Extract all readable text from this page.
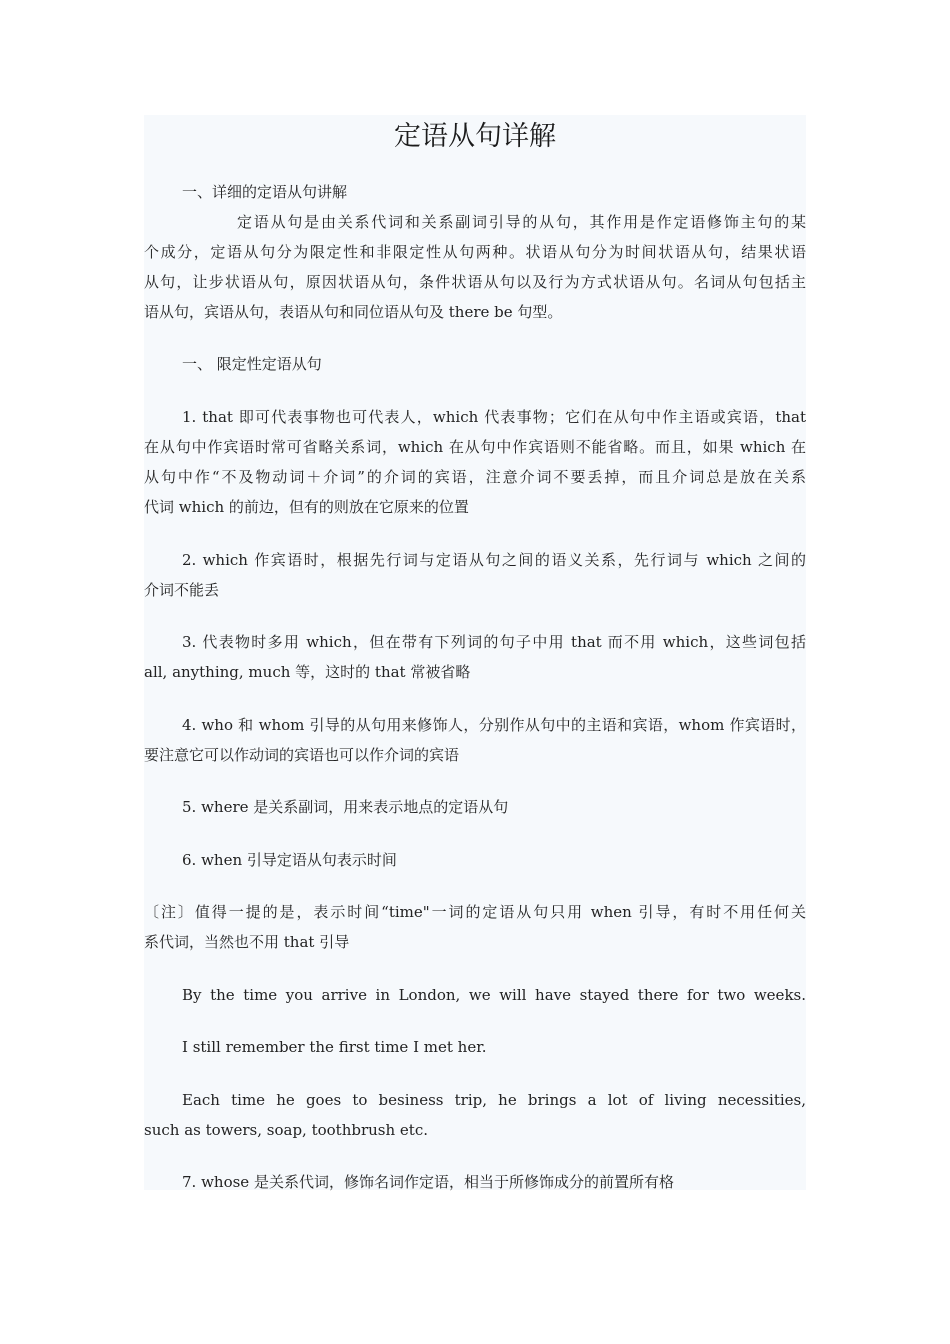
定语从句详解
一、详细的定语从句讲解
定语从句是由关系代词和关系副词引导的从句，其作用是作定语修饰主句的某
个成分，定语从句分为限定性和非限定性从句两种。状语从句分为时间状语从句，结果状语
从句，让步状语从句，原因状语从句，条件状语从句以及行为方式状语从句。名词从句包括主
语从句，宾语从句，表语从句和同位语从句及 there be 句型。
一、 限定性定语从句
1. that 即可代表事物也可代表人，which 代表事物；它们在从句中作主语或宾语，that
在从句中作宾语时常可省略关系词，which 在从句中作宾语则不能省略。而且，如果 which 在
从句中作“不及物动词＋介词”的介词的宾语，注意介词不要丢掉，而且介词总是放在关系
代词 which 的前边，但有的则放在它原来的位置
2. which 作宾语时，根据先行词与定语从句之间的语义关系，先行词与 which 之间的
介词不能丢
3. 代表物时多用 which，但在带有下列词的句子中用 that 而不用 which，这些词包括
all, anything, much 等，这时的 that 常被省略
4. who 和 whom 引导的从句用来修饰人，分别作从句中的主语和宾语，whom 作宾语时，
要注意它可以作动词的宾语也可以作介词的宾语
5. where 是关系副词，用来表示地点的定语从句
6. when 引导定语从句表示时间
〔注〕值得一提的是，表示时间“time"一词的定语从句只用 when 引导，有时不用任何关
系代词，当然也不用 that 引导
By the time you arrive in London, we will have stayed there for two weeks.
I still remember the first time I met her.
Each time he goes to besiness trip, he brings a lot of living necessities,
such as towers, soap, toothbrush etc.
7. whose 是关系代词，修饰名词作定语，相当于所修饰成分的前置所有格
